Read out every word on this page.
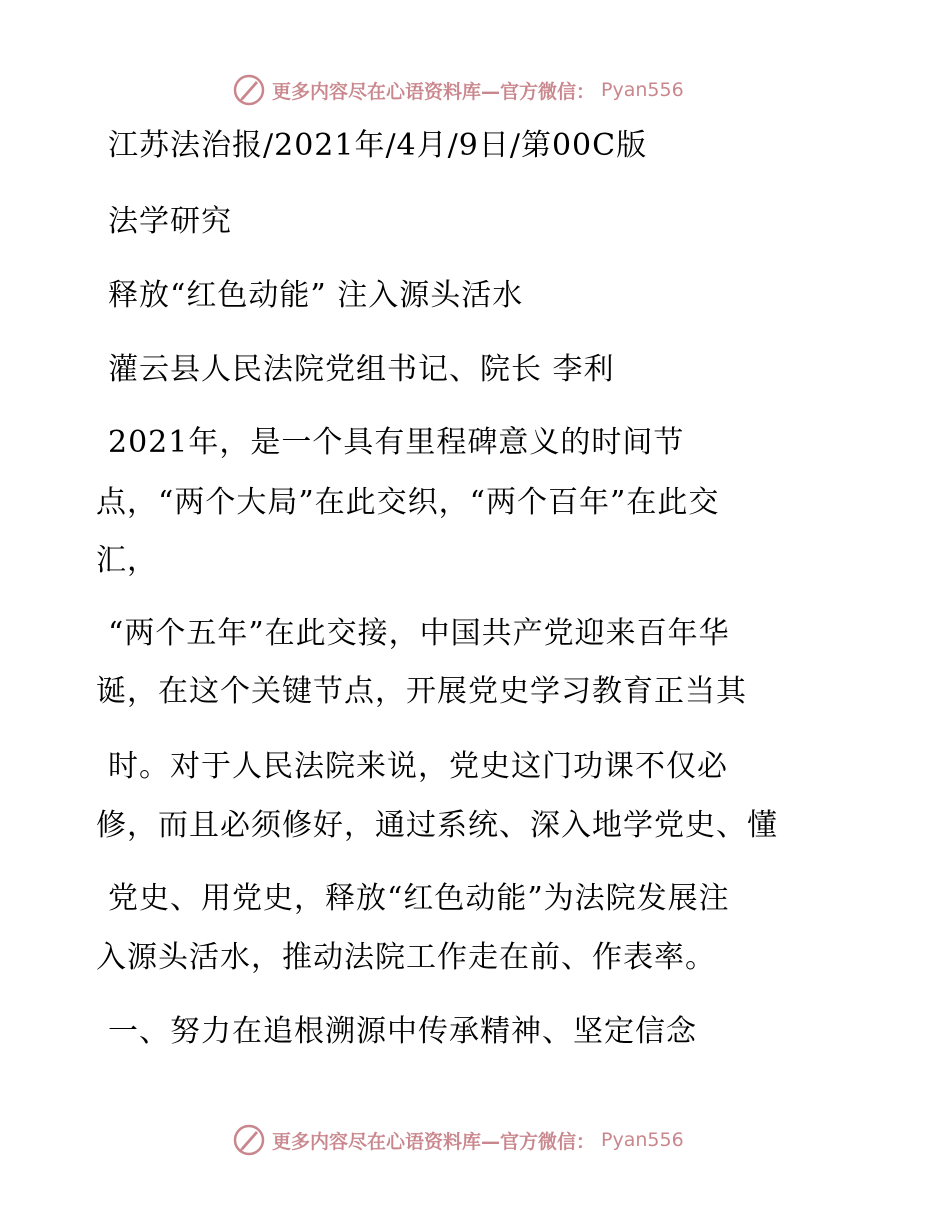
更多内容尽在心语资料库—官方微信： Pyan556
江苏法治报/2021年/4月/9日/第00C版
法学研究
释放“红色动能” 注入源头活水
灌云县人民法院党组书记、院长 李利
2021年，是一个具有里程碑意义的时间节
点，“两个大局”在此交织，“两个百年”在此交
汇，
“两个五年”在此交接，中国共产党迎来百年华
诞，在这个关键节点，开展党史学习教育正当其
时。对于人民法院来说，党史这门功课不仅必
修，而且必须修好，通过系统、深入地学党史、懂
党史、用党史，释放“红色动能”为法院发展注
入源头活水，推动法院工作走在前、作表率。
一、努力在追根溯源中传承精神、坚定信念
更多内容尽在心语资料库—官方微信： Pyan556
